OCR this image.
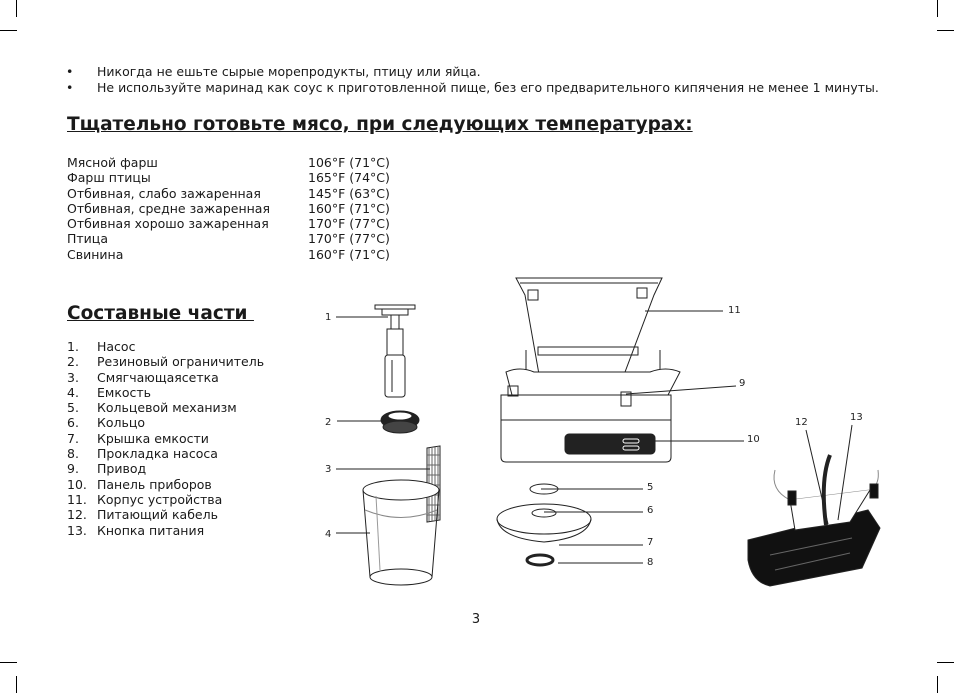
•	Никогда не ешьте сырые морепродукты, птицу или яйца.
•	Не используйте маринад как соус к приготовленной пище, без его предварительного кипячения не менее 1 минуты.
Тщательно готовьте мясо, при следующих температурах:
Мясной фарш	106°F (71°C)
Фарш птицы	165°F (74°C)
Отбивная, слабо зажаренная	145°F (63°C)
Отбивная, средне зажаренная	160°F (71°C)
Отбивная хорошо зажаренная	170°F (77°C)
Птица	170°F (77°C)
Свинина	160°F (71°C)
Составные части
1.	Насос
2.	Резиновый ограничитель
3.	Смягчающаясетка
4.	Емкость
5.	Кольцевой механизм
6.	Кольцо
7.	Крышка емкости
8.	Прокладка насоса
9.	Привод
10. Панель приборов
11. Корпус устройства
12. Питающий кабель
13. Кнопка питания
1
2
3
4
5
6
7
8
9
10
11
12	13
3
